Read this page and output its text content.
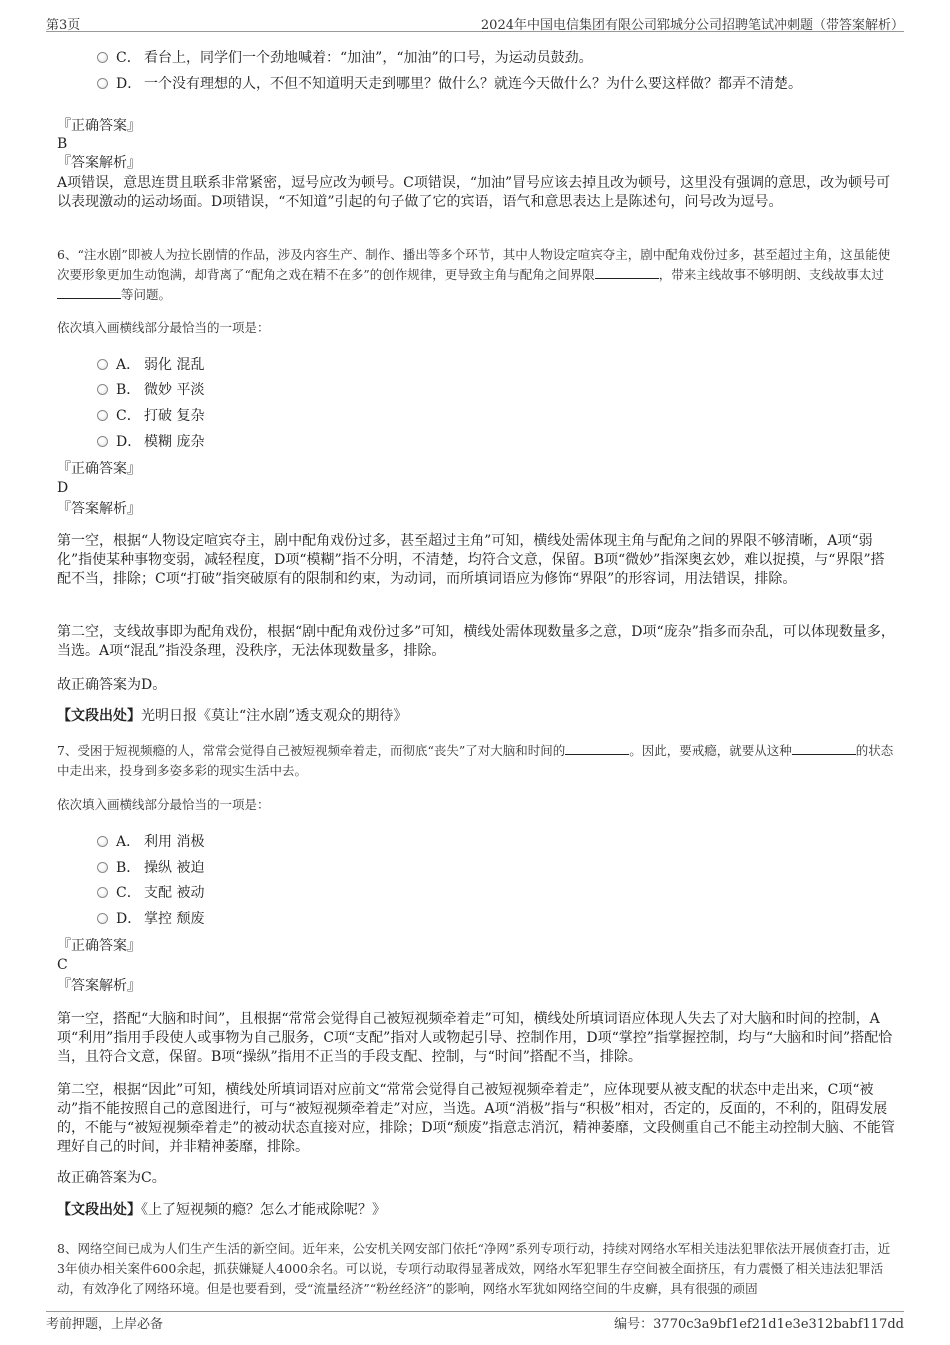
第3页	2024年中国电信集团有限公司郓城分公司招聘笔试冲刺题（带答案解析）
C． 看台上，同学们一个劲地喊着：“加油”，“加油”的口号，为运动员鼓劲。
D． 一个没有理想的人，不但不知道明天走到哪里？做什么？就连今天做什么？为什么要这样做？都弄不清楚。
『正确答案』
B
『答案解析』
A项错误，意思连贯且联系非常紧密，逗号应改为顿号。C项错误，“加油”冒号应该去掉且改为顿号，这里没有强调的意思，改为顿号可以表现激动的运动场面。D项错误，“不知道”引起的句子做了它的宾语，语气和意思表达上是陈述句，问号改为逗号。
6、“注水剧”即被人为拉长剧情的作品，涉及内容生产、制作、播出等多个环节，其中人物设定喧宾夺主，剧中配角戏份过多，甚至超过主角，这虽能使次要形象更加生动饱满，却背离了“配角之戏在精不在多”的创作规律，更导致主角与配角之间界限	，带来主线故事不够明朗、支线故事太过等问题。
依次填入画横线部分最恰当的一项是：
A． 弱化 混乱
B． 微妙 平淡
C． 打破 复杂
D． 模糊 庞杂
『正确答案』
D
『答案解析』
第一空，根据“人物设定喧宾夺主，剧中配角戏份过多，甚至超过主角”可知，横线处需体现主角与配角之间的界限不够清晰，A项“弱化”指使某种事物变弱，减轻程度，D项“模糊”指不分明，不清楚，均符合文意，保留。B项“微妙”指深奥玄妙，难以捉摸，与“界限”搭配不当，排除；C项“打破”指突破原有的限制和约束，为动词，而所填词语应为修饰“界限”的形容词，用法错误，排除。
第二空，支线故事即为配角戏份，根据“剧中配角戏份过多”可知，横线处需体现数量多之意，D项“庞杂”指多而杂乱，可以体现数量多，当选。A项“混乱”指没条理，没秩序，无法体现数量多，排除。
故正确答案为D。
【文段出处】光明日报《莫让“注水剧”透支观众的期待》
7、受困于短视频瘾的人，常常会觉得自己被短视频牵着走，而彻底“丧失”了对大脑和时间的	。因此，要戒瘾，就要从这种	的状态中走出来，投身到多姿多彩的现实生活中去。
依次填入画横线部分最恰当的一项是：
A． 利用 消极
B． 操纵 被迫
C． 支配 被动
D． 掌控 颓废
『正确答案』
C
『答案解析』
第一空，搭配“大脑和时间”，且根据“常常会觉得自己被短视频牵着走”可知，横线处所填词语应体现人失去了对大脑和时间的控制，A项“利用”指用手段使人或事物为自己服务，C项“支配”指对人或物起引导、控制作用，D项“掌控”指掌握控制，均与“大脑和时间”搭配恰当，且符合文意，保留。B项“操纵”指用不正当的手段支配、控制，与“时间”搭配不当，排除。
第二空，根据“因此”可知，横线处所填词语对应前文“常常会觉得自己被短视频牵着走”，应体现要从被支配的状态中走出来，C项“被动”指不能按照自己的意图进行，可与“被短视频牵着走”对应，当选。A项“消极”指与“积极”相对，否定的，反面的，不利的，阻碍发展的，不能与“被短视频牵着走”的被动状态直接对应，排除；D项“颓废”指意志消沉，精神萎靡，文段侧重自己不能主动控制大脑、不能管理好自己的时间，并非精神萎靡，排除。
故正确答案为C。
【文段出处】《上了短视频的瘾？怎么才能戒除呢？》
8、网络空间已成为人们生产生活的新空间。近年来，公安机关网安部门依托“净网”系列专项行动，持续对网络水军相关违法犯罪依法开展侦查打击，近3年侦办相关案件600余起，抓获嫌疑人4000余名。可以说，专项行动取得显著成效，网络水军犯罪生存空间被全面挤压，有力震慑了相关违法犯罪活动，有效净化了网络环境。但是也要看到，受“流量经济”“粉丝经济”的影响，网络水军犹如网络空间的牛皮癣，具有很强的顽固
考前押题，上岸必备	编号：3770c3a9bf1ef21d1e3e312babf117dd
